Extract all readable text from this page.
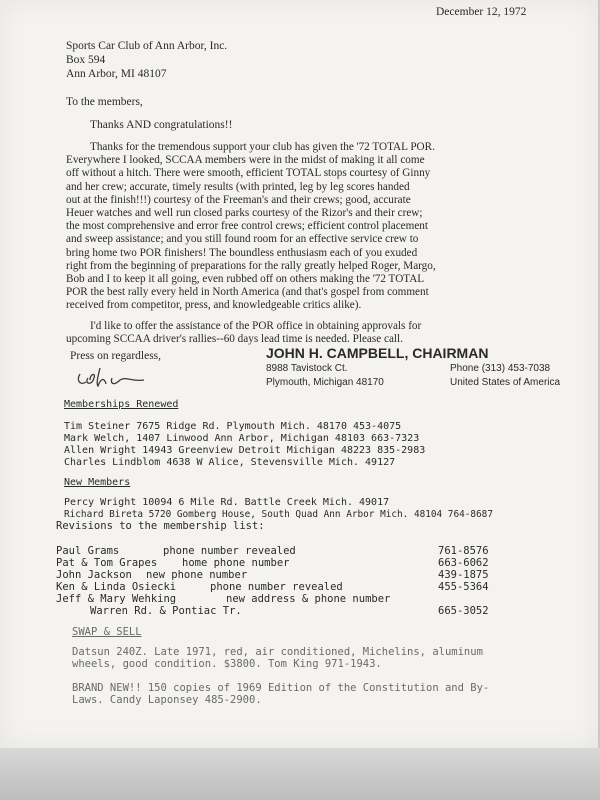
December 12, 1972
Sports Car Club of Ann Arbor, Inc.
Box 594
Ann Arbor, MI 48107
To the members,
Thanks AND congratulations!!
Thanks for the tremendous support your club has given the '72 TOTAL POR.
Everywhere I looked, SCCAA members were in the midst of making it all come
off without a hitch. There were smooth, efficient TOTAL stops courtesy of Ginny
and her crew; accurate, timely results (with printed, leg by leg scores handed
out at the finish!!!) courtesy of the Freeman's and their crews; good, accurate
Heuer watches and well run closed parks courtesy of the Rizor's and their crew;
the most comprehensive and error free control crews; efficient control placement
and sweep assistance; and you still found room for an effective service crew to
bring home two POR finishers! The boundless enthusiasm each of you exuded
right from the beginning of preparations for the rally greatly helped Roger, Margo,
Bob and I to keep it all going, even rubbed off on others making the '72 TOTAL
POR the best rally every held in North America (and that's gospel from comment
received from competitor, press, and knowledgeable critics alike).
I'd like to offer the assistance of the POR office in obtaining approvals for
upcoming SCCAA driver's rallies--60 days lead time is needed. Please call.
Press on regardless,	JOHN H. CAMPBELL, CHAIRMAN
8988 Tavistock Ct.	Phone (313) 453-7038
Plymouth, Michigan 48170	United States of America
Memberships Renewed
Tim Steiner 7675 Ridge Rd. Plymouth Mich. 48170 453-4075
Mark Welch, 1407 Linwood Ann Arbor, Michigan 48103 663-7323
Allen Wright 14943 Greenview Detroit Michigan 48223 835-2983
Charles Lindblom 4638 W Alice, Stevensville Mich. 49127
New Members
Percy Wright 10094 6 Mile Rd. Battle Creek Mich. 49017
Richard Bireta 5720 Gomberg House, South Quad Ann Arbor Mich. 48104 764-8687
Revisions to the membership list:
Paul Grams	phone number revealed	761-8576
Pat & Tom Grapes home phone number	663-6062
John Jackson new phone number	439-1875
Ken & Linda Osiecki	phone number revealed	455-5364
Jeff & Mary Wehking	new address & phone number
Warren Rd. & Pontiac Tr.	665-3052
SWAP & SELL
Datsun 240Z. Late 1971, red, air conditioned, Michelins, aluminum
wheels, good condition. $3800. Tom King 971-1943.
BRAND NEW!! 150 copies of 1969 Edition of the Constitution and By-
Laws. Candy Laponsey 485-2900.
